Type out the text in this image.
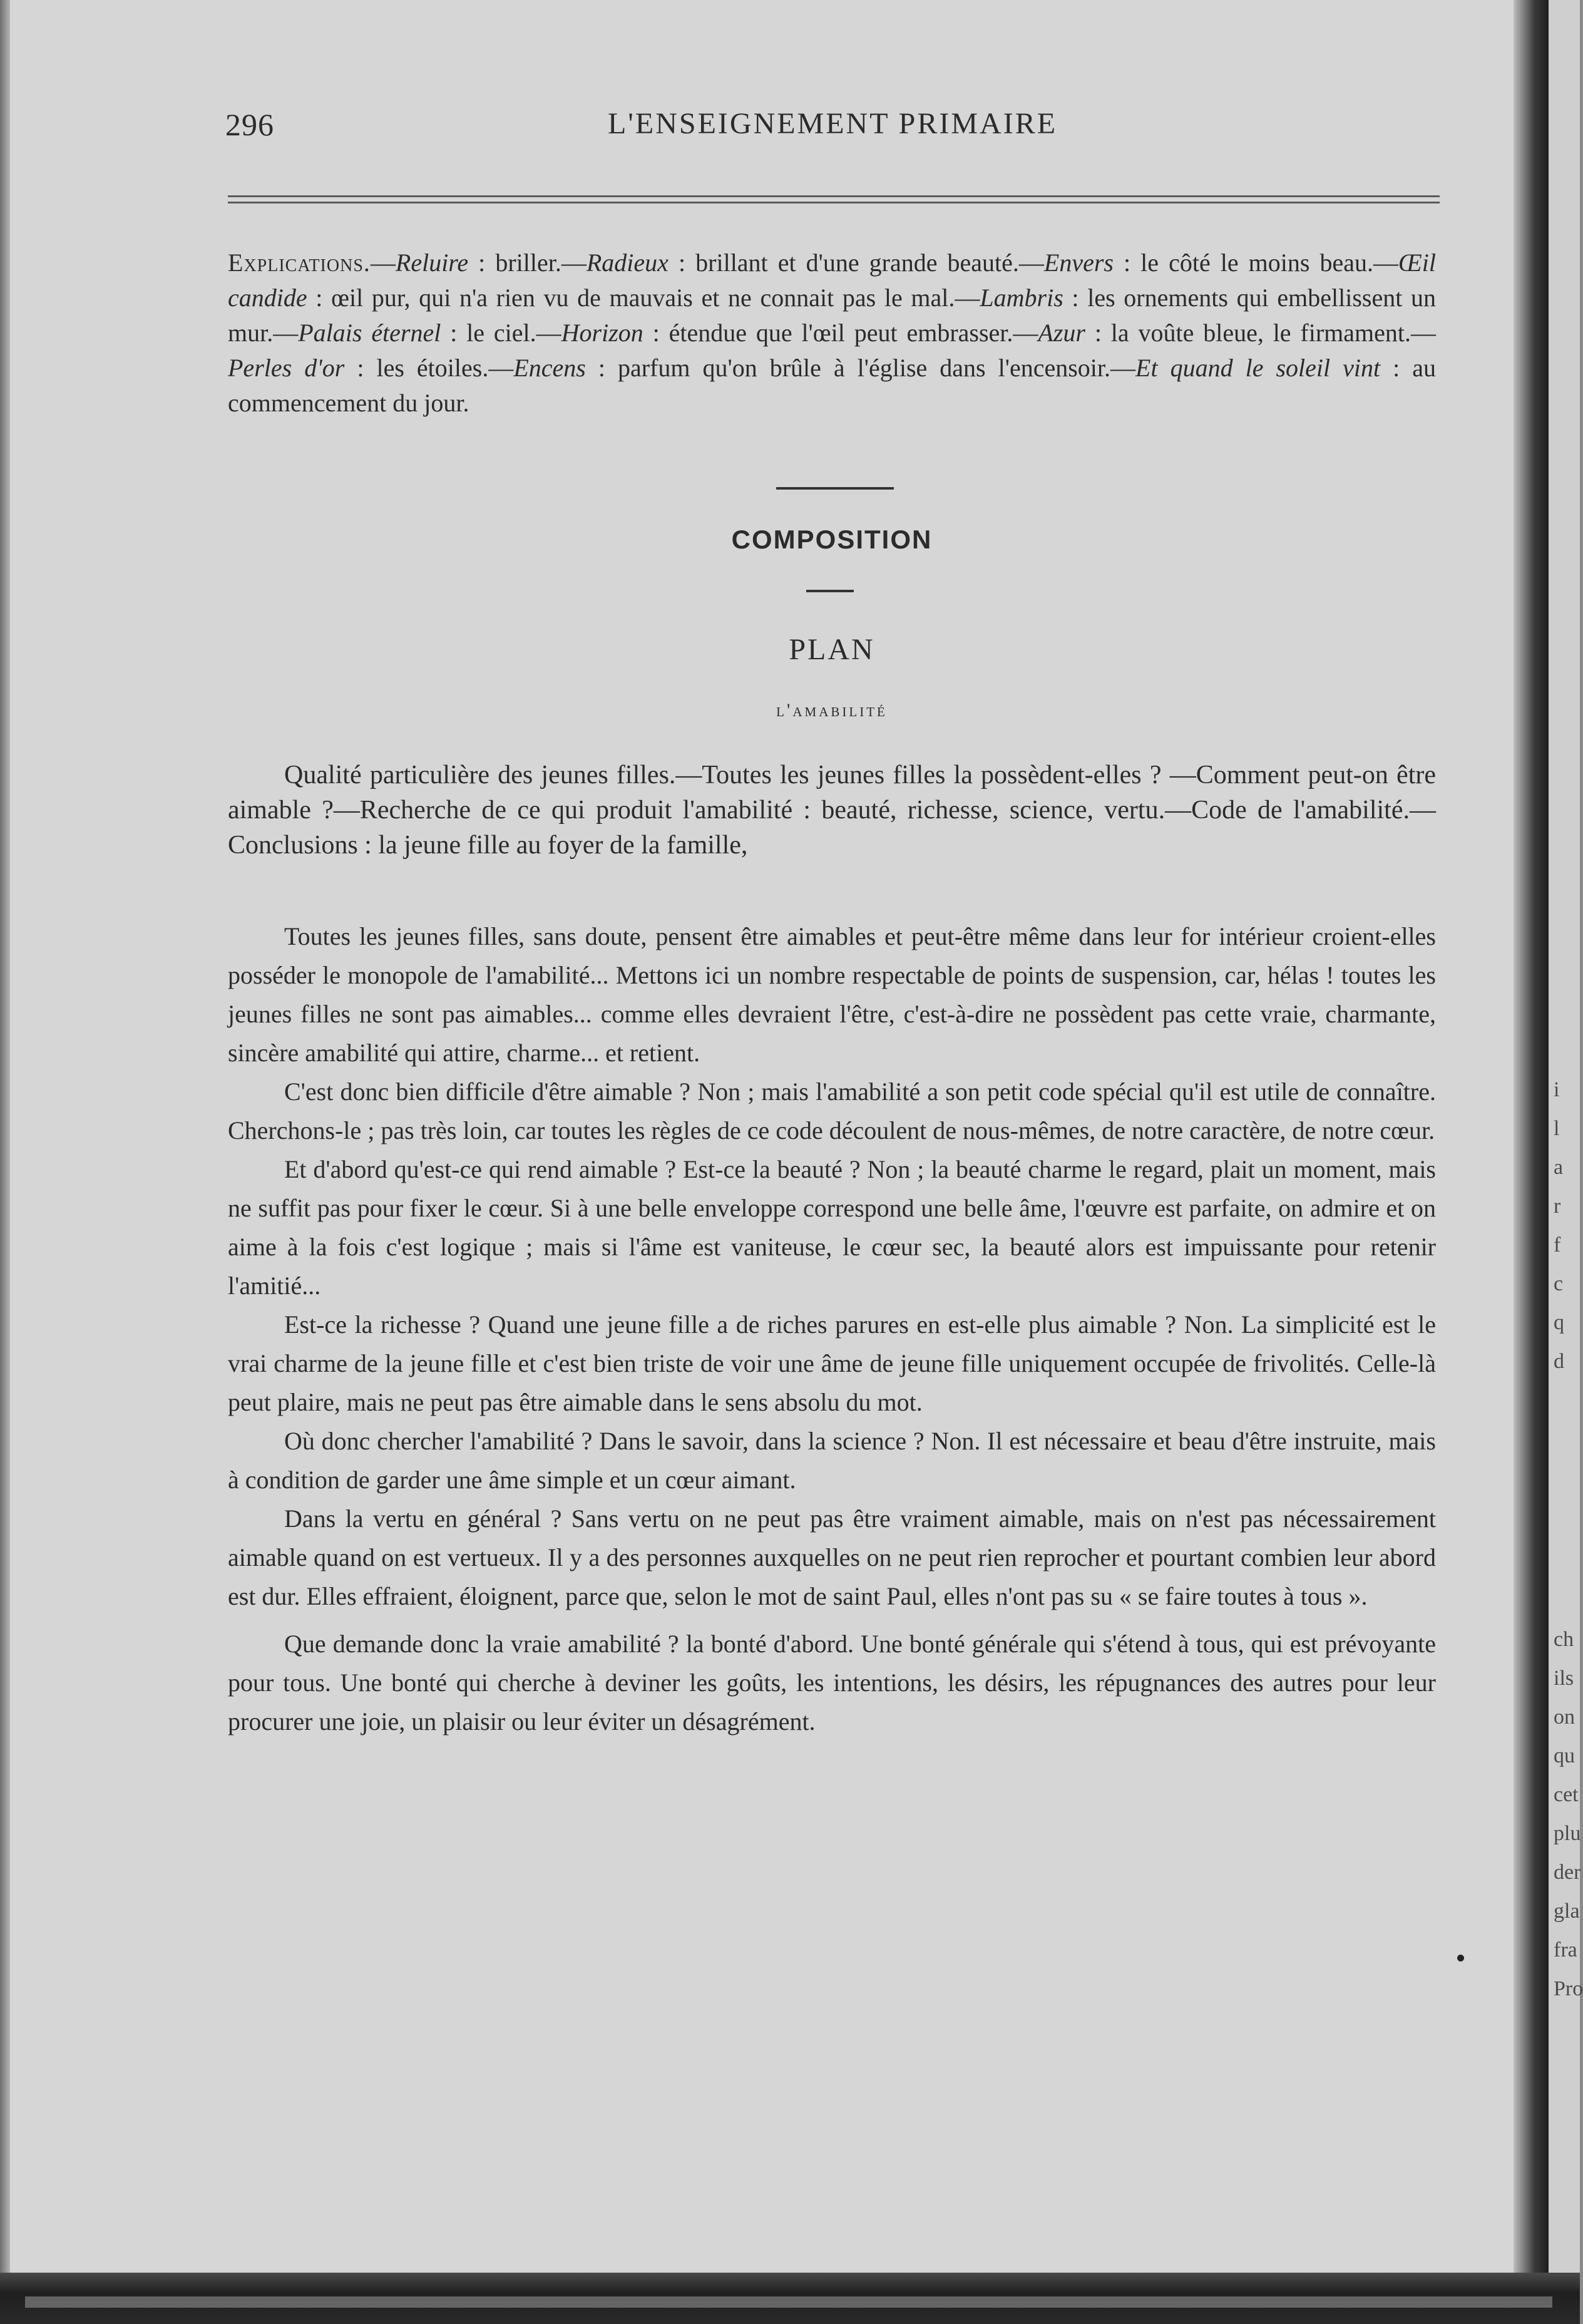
i
l
a
r
f
c
q
d
ch
ils
on
qu
cet
plu
der
gla
fra
Pro
296	L'ENSEIGNEMENT PRIMAIRE
Explications.—Reluire : briller.—Radieux : brillant et d'une grande beauté.—Envers : le côté le moins beau.—Œil candide : œil pur, qui n'a rien vu de mauvais et ne connait pas le mal.—Lambris : les ornements qui embellissent un mur.—Palais éternel : le ciel.—Horizon : étendue que l'œil peut embrasser.—Azur : la voûte bleue, le firmament.—Perles d'or : les étoiles.—Encens : parfum qu'on brûle à l'église dans l'encensoir.—Et quand le soleil vint : au commencement du jour.
COMPOSITION
PLAN
l'amabilité
Qualité particulière des jeunes filles.—Toutes les jeunes filles la possèdent-elles ? —Comment peut-on être aimable ?—Recherche de ce qui produit l'amabilité : beauté, richesse, science, vertu.—Code de l'amabilité.—Conclusions : la jeune fille au foyer de la famille,

Toutes les jeunes filles, sans doute, pensent être aimables et peut-être même dans leur for intérieur croient-elles posséder le monopole de l'amabilité... Mettons ici un nombre respectable de points de suspension, car, hélas ! toutes les jeunes filles ne sont pas aimables... comme elles devraient l'être, c'est-à-dire ne possèdent pas cette vraie, charmante, sincère amabilité qui attire, charme... et retient.

C'est donc bien difficile d'être aimable ? Non ; mais l'amabilité a son petit code spécial qu'il est utile de connaître. Cherchons-le ; pas très loin, car toutes les règles de ce code découlent de nous-mêmes, de notre caractère, de notre cœur.

Et d'abord qu'est-ce qui rend aimable ? Est-ce la beauté ? Non ; la beauté charme le regard, plait un moment, mais ne suffit pas pour fixer le cœur. Si à une belle enveloppe correspond une belle âme, l'œuvre est parfaite, on admire et on aime à la fois c'est logique ; mais si l'âme est vaniteuse, le cœur sec, la beauté alors est impuissante pour retenir l'amitié...

Est-ce la richesse ? Quand une jeune fille a de riches parures en est-elle plus aimable ? Non. La simplicité est le vrai charme de la jeune fille et c'est bien triste de voir une âme de jeune fille uniquement occupée de frivolités. Celle-là peut plaire, mais ne peut pas être aimable dans le sens absolu du mot.

Où donc chercher l'amabilité ? Dans le savoir, dans la science ? Non. Il est nécessaire et beau d'être instruite, mais à condition de garder une âme simple et un cœur aimant.

Dans la vertu en général ? Sans vertu on ne peut pas être vraiment aimable, mais on n'est pas nécessairement aimable quand on est vertueux. Il y a des personnes auxquelles on ne peut rien reprocher et pourtant combien leur abord est dur. Elles effraient, éloignent, parce que, selon le mot de saint Paul, elles n'ont pas su « se faire toutes à tous ».

Que demande donc la vraie amabilité ? la bonté d'abord. Une bonté générale qui s'étend à tous, qui est prévoyante pour tous. Une bonté qui cherche à deviner les goûts, les intentions, les désirs, les répugnances des autres pour leur procurer une joie, un plaisir ou leur éviter un désagrément.
